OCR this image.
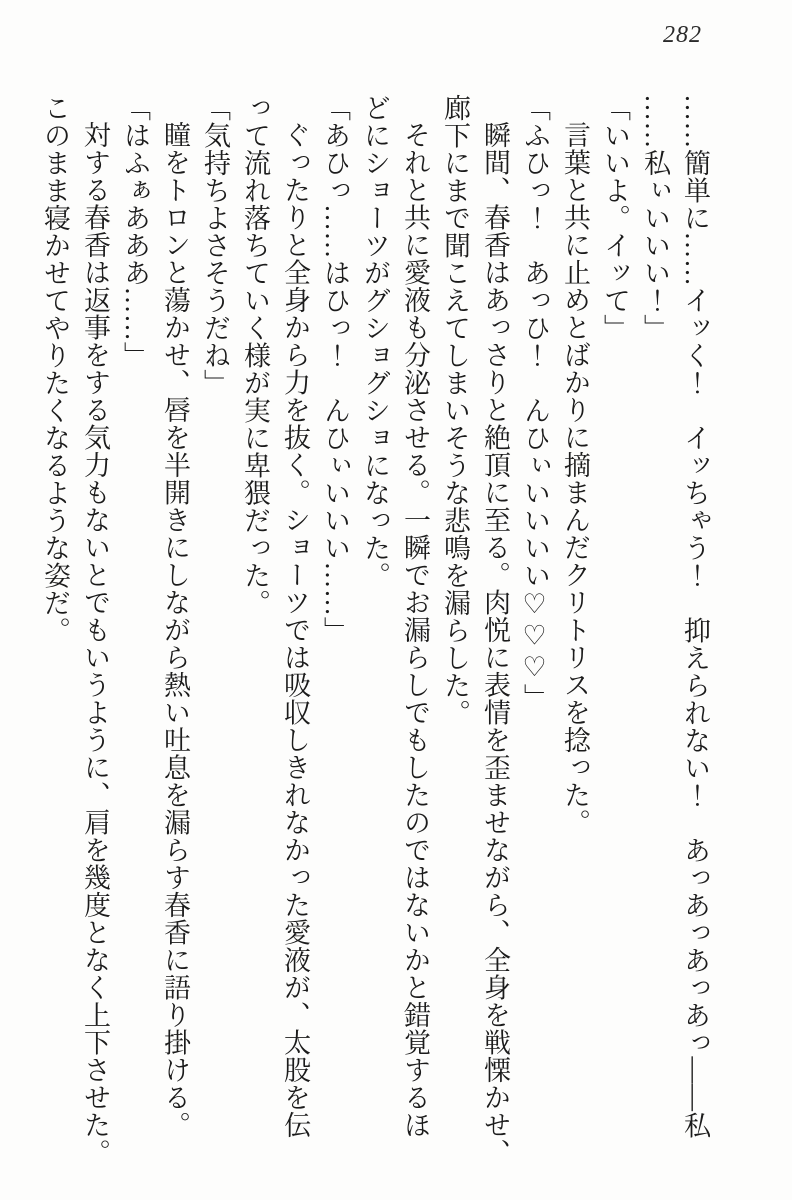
282

……簡単に……イッく！　イッちゃう！　抑えられない！　あっあっあっあっ――私

……私ぃいいい！」

「いいよ。イッて」

言葉と共に止めとばかりに摘まんだクリトリスを捻った。

「ふひっ！　あっひ！　んひぃいいいい♡♡♡」

瞬間、春香はあっさりと絶頂に至る。肉悦に表情を歪ませながら、全身を戦慄かせ、

廊下にまで聞こえてしまいそうな悲鳴を漏らした。

それと共に愛液も分泌させる。一瞬でお漏らしでもしたのではないかと錯覚するほ

どにショーツがグショグショになった。

「あひっ……はひっ！　んひぃいいい……」

ぐったりと全身から力を抜く。ショーツでは吸収しきれなかった愛液が、太股を伝

って流れ落ちていく様が実に卑猥だった。

「気持ちよさそうだね」

瞳をトロンと蕩かせ、唇を半開きにしながら熱い吐息を漏らす春香に語り掛ける。

「はふぁあああ……」

対する春香は返事をする気力もないとでもいうように、肩を幾度となく上下させた。

このまま寝かせてやりたくなるような姿だ。
